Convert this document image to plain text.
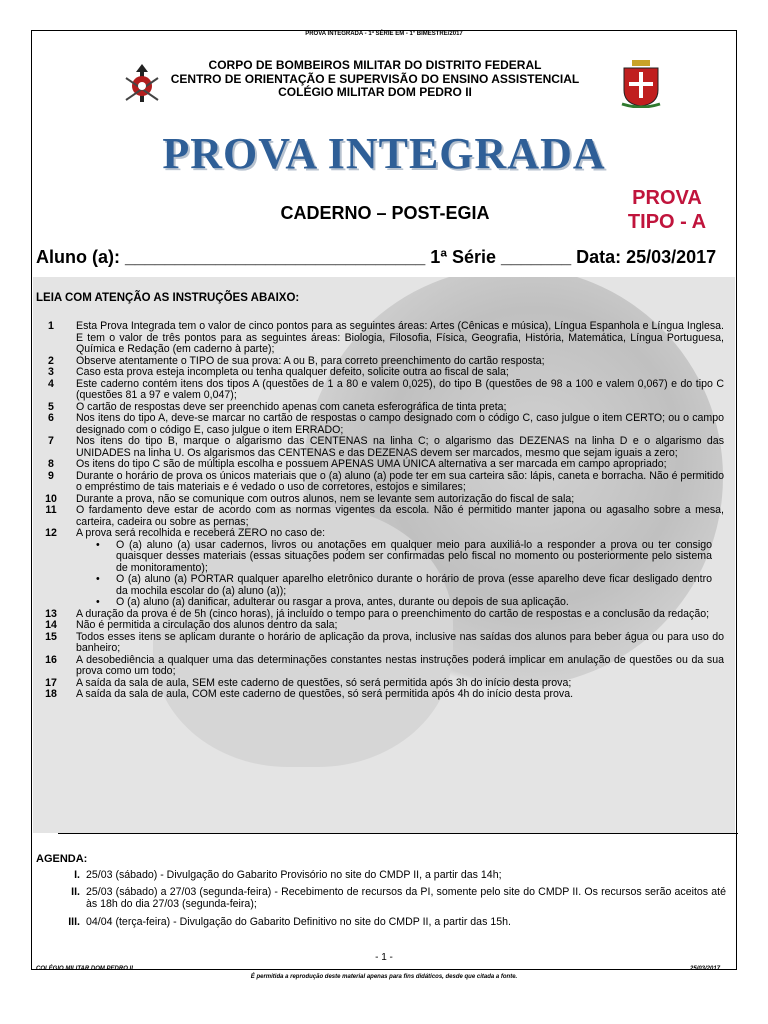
PROVA INTEGRADA - 1ª SÉRIE EM - 1º BIMESTRE/2017
CORPO DE BOMBEIROS MILITAR DO DISTRITO FEDERAL
CENTRO DE ORIENTAÇÃO E SUPERVISÃO DO ENSINO ASSISTENCIAL
COLÉGIO MILITAR DOM PEDRO II
PROVA INTEGRADA
CADERNO – POST-EGIA
PROVA
TIPO - A
Aluno (a): ______________________________ 1ª Série _______ Data: 25/03/2017
LEIA COM ATENÇÃO AS INSTRUÇÕES ABAIXO:
1	Esta Prova Integrada tem o valor de cinco pontos para as seguintes áreas: Artes (Cênicas e música), Língua Espanhola e Língua Inglesa. E tem o valor de três pontos para as seguintes áreas: Biologia, Filosofia, Física, Geografia, História, Matemática, Língua Portuguesa, Química e Redação (em caderno à parte);
2	Observe atentamente o TIPO de sua prova: A ou B, para correto preenchimento do cartão resposta;
3	Caso esta prova esteja incompleta ou tenha qualquer defeito, solicite outra ao fiscal de sala;
4	Este caderno contém itens dos tipos A (questões de 1 a 80 e valem 0,025), do tipo B (questões de 98 a 100 e valem 0,067) e do tipo C (questões 81 a 97 e valem 0,047);
5	O cartão de respostas deve ser preenchido apenas com caneta esferográfica de tinta preta;
6	Nos itens do tipo A, deve-se marcar no cartão de respostas o campo designado com o código C, caso julgue o item CERTO; ou o campo designado com o código E, caso julgue o item ERRADO;
7	Nos itens do tipo B, marque o algarismo das CENTENAS na linha C; o algarismo das DEZENAS na linha D e o algarismo das UNIDADES na linha U. Os algarismos das CENTENAS e das DEZENAS devem ser marcados, mesmo que sejam iguais a zero;
8	Os itens do tipo C são de múltipla escolha e possuem APENAS UMA ÚNICA alternativa a ser marcada em campo apropriado;
9	Durante o horário de prova os únicos materiais que o (a) aluno (a) pode ter em sua carteira são: lápis, caneta e borracha. Não é permitido o empréstimo de tais materiais e é vedado o uso de corretores, estojos e similares;
10	Durante a prova, não se comunique com outros alunos, nem se levante sem autorização do fiscal de sala;
11	O fardamento deve estar de acordo com as normas vigentes da escola. Não é permitido manter japona ou agasalho sobre a mesa, carteira, cadeira ou sobre as pernas;
12	A prova será recolhida e receberá ZERO no caso de:
•	O (a) aluno (a) usar cadernos, livros ou anotações em qualquer meio para auxiliá-lo a responder a prova ou ter consigo quaisquer desses materiais (essas situações podem ser confirmadas pelo fiscal no momento ou posteriormente pelo sistema de monitoramento);
•	O (a) aluno (a) PORTAR qualquer aparelho eletrônico durante o horário de prova (esse aparelho deve ficar desligado dentro da mochila escolar do (a) aluno (a));
•	O (a) aluno (a) danificar, adulterar ou rasgar a prova, antes, durante ou depois de sua aplicação.
13	A duração da prova é de 5h (cinco horas), já incluído o tempo para o preenchimento do cartão de respostas e a conclusão da redação;
14	Não é permitida a circulação dos alunos dentro da sala;
15	Todos esses itens se aplicam durante o horário de aplicação da prova, inclusive nas saídas dos alunos para beber água ou para uso do banheiro;
16	A desobediência a qualquer uma das determinações constantes nestas instruções poderá implicar em anulação de questões ou da sua prova como um todo;
17	A saída da sala de aula, SEM este caderno de questões, só será permitida após 3h do início desta prova;
18	A saída da sala de aula, COM este caderno de questões, só será permitida após 4h do início desta prova.
AGENDA:
I. 25/03 (sábado) - Divulgação do Gabarito Provisório no site do CMDP II, a partir das 14h;
II. 25/03 (sábado) a 27/03 (segunda-feira) - Recebimento de recursos da PI, somente pelo site do CMDP II. Os recursos serão aceitos até às 18h do dia 27/03 (segunda-feira);
III. 04/04 (terça-feira) - Divulgação do Gabarito Definitivo no site do CMDP II, a partir das 15h.
- 1 -
COLÉGIO MILITAR DOM PEDRO II
É permitida a reprodução deste material apenas para fins didáticos, desde que citada a fonte.
25/03/2017
